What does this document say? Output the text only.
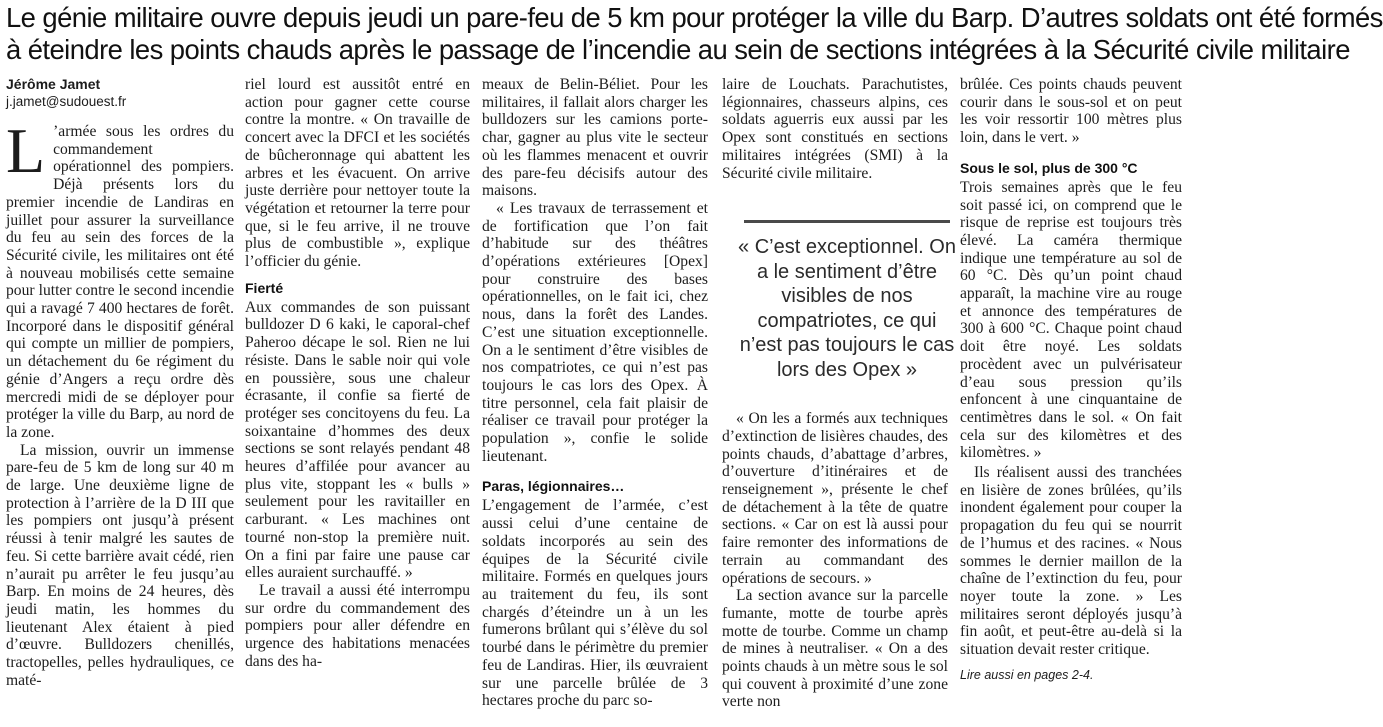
Le génie militaire ouvre depuis jeudi un pare-feu de 5 km pour protéger la ville du Barp. D’autres soldats ont été formés
à éteindre les points chauds après le passage de l’incendie au sein de sections intégrées à la Sécurité civile militaire
Jérôme Jamet
j.jamet@sudouest.fr

L ’armée sous les ordres du commandement opérationnel des pompiers. Déjà présents lors du premier incendie de Landiras en juillet pour assurer la surveillance du feu au sein des forces de la Sécurité civile, les militaires ont été à nouveau mobilisés cette semaine pour lutter contre le second incendie qui a ravagé 7 400 hectares de forêt. Incorporé dans le dispositif général qui compte un millier de pompiers, un détachement du 6e régiment du génie d’Angers a reçu ordre dès mercredi midi de se déployer pour protéger la ville du Barp, au nord de la zone.

La mission, ouvrir un immense pare-feu de 5 km de long sur 40 m de large. Une deuxième ligne de protection à l’arrière de la D III que les pompiers ont jusqu’à présent réussi à tenir malgré les sautes de feu. Si cette barrière avait cédé, rien n’aurait pu arrêter le feu jusqu’au Barp. En moins de 24 heures, dès jeudi matin, les hommes du lieutenant Alex étaient à pied d’œuvre. Bulldozers chenillés, tractopelles, pelles hydrauliques, ce maté-

riel lourd est aussitôt entré en action pour gagner cette course contre la montre. « On travaille de concert avec la DFCI et les sociétés de bûcheronnage qui abattent les arbres et les évacuent. On arrive juste derrière pour nettoyer toute la végétation et retourner la terre pour que, si le feu arrive, il ne trouve plus de combustible », explique l’officier du génie.

Fierté

Aux commandes de son puissant bulldozer D 6 kaki, le caporal-chef Paheroo décape le sol. Rien ne lui résiste. Dans le sable noir qui vole en poussière, sous une chaleur écrasante, il confie sa fierté de protéger ses concitoyens du feu. La soixantaine d’hommes des deux sections se sont relayés pendant 48 heures d’affilée pour avancer au plus vite, stoppant les « bulls » seulement pour les ravitailler en carburant. « Les machines ont tourné non-stop la première nuit. On a fini par faire une pause car elles auraient surchauffé. »

Le travail a aussi été interrompu sur ordre du commandement des pompiers pour aller défendre en urgence des habitations menacées dans des ha-

meaux de Belin-Béliet. Pour les militaires, il fallait alors charger les bulldozers sur les camions porte-char, gagner au plus vite le secteur où les flammes menacent et ouvrir des pare-feu décisifs autour des maisons.

« Les travaux de terrassement et de fortification que l’on fait d’habitude sur des théâtres d’opérations extérieures [Opex] pour construire des bases opérationnelles, on le fait ici, chez nous, dans la forêt des Landes. C’est une situation exceptionnelle. On a le sentiment d’être visibles de nos compatriotes, ce qui n’est pas toujours le cas lors des Opex. À titre personnel, cela fait plaisir de réaliser ce travail pour protéger la population », confie le solide lieutenant.

Paras, légionnaires…

L’engagement de l’armée, c’est aussi celui d’une centaine de soldats incorporés au sein des équipes de la Sécurité civile militaire. Formés en quelques jours au traitement du feu, ils sont chargés d’éteindre un à un les fumerons brûlant qui s’élève du sol tourbé dans le périmètre du premier feu de Landiras. Hier, ils œuvraient sur une parcelle brûlée de 3 hectares proche du parc so-

laire de Louchats. Parachutistes, légionnaires, chasseurs alpins, ces soldats aguerris eux aussi par les Opex sont constitués en sections militaires intégrées (SMI) à la Sécurité civile militaire.

« C’est exceptionnel. On a le sentiment d’être visibles de nos compatriotes, ce qui n’est pas toujours le cas lors des Opex »

« On les a formés aux techniques d’extinction de lisières chaudes, des points chauds, d’abattage d’arbres, d’ouverture d’itinéraires et de renseignement », présente le chef de détachement à la tête de quatre sections. « Car on est là aussi pour faire remonter des informations de terrain au commandant des opérations de secours. »

La section avance sur la parcelle fumante, motte de tourbe après motte de tourbe. Comme un champ de mines à neutraliser. « On a des points chauds à un mètre sous le sol qui couvent à proximité d’une zone verte non

brûlée. Ces points chauds peuvent courir dans le sous-sol et on peut les voir ressortir 100 mètres plus loin, dans le vert. »

Sous le sol, plus de 300 °C

Trois semaines après que le feu soit passé ici, on comprend que le risque de reprise est toujours très élevé. La caméra thermique indique une température au sol de 60 °C. Dès qu’un point chaud apparaît, la machine vire au rouge et annonce des températures de 300 à 600 °C. Chaque point chaud doit être noyé. Les soldats procèdent avec un pulvérisateur d’eau sous pression qu’ils enfoncent à une cinquantaine de centimètres dans le sol. « On fait cela sur des kilomètres et des kilomètres. »

Ils réalisent aussi des tranchées en lisière de zones brûlées, qu’ils inondent également pour couper la propagation du feu qui se nourrit de l’humus et des racines. « Nous sommes le dernier maillon de la chaîne de l’extinction du feu, pour noyer toute la zone. » Les militaires seront déployés jusqu’à fin août, et peut-être au-delà si la situation devait rester critique.

Lire aussi en pages 2-4.
